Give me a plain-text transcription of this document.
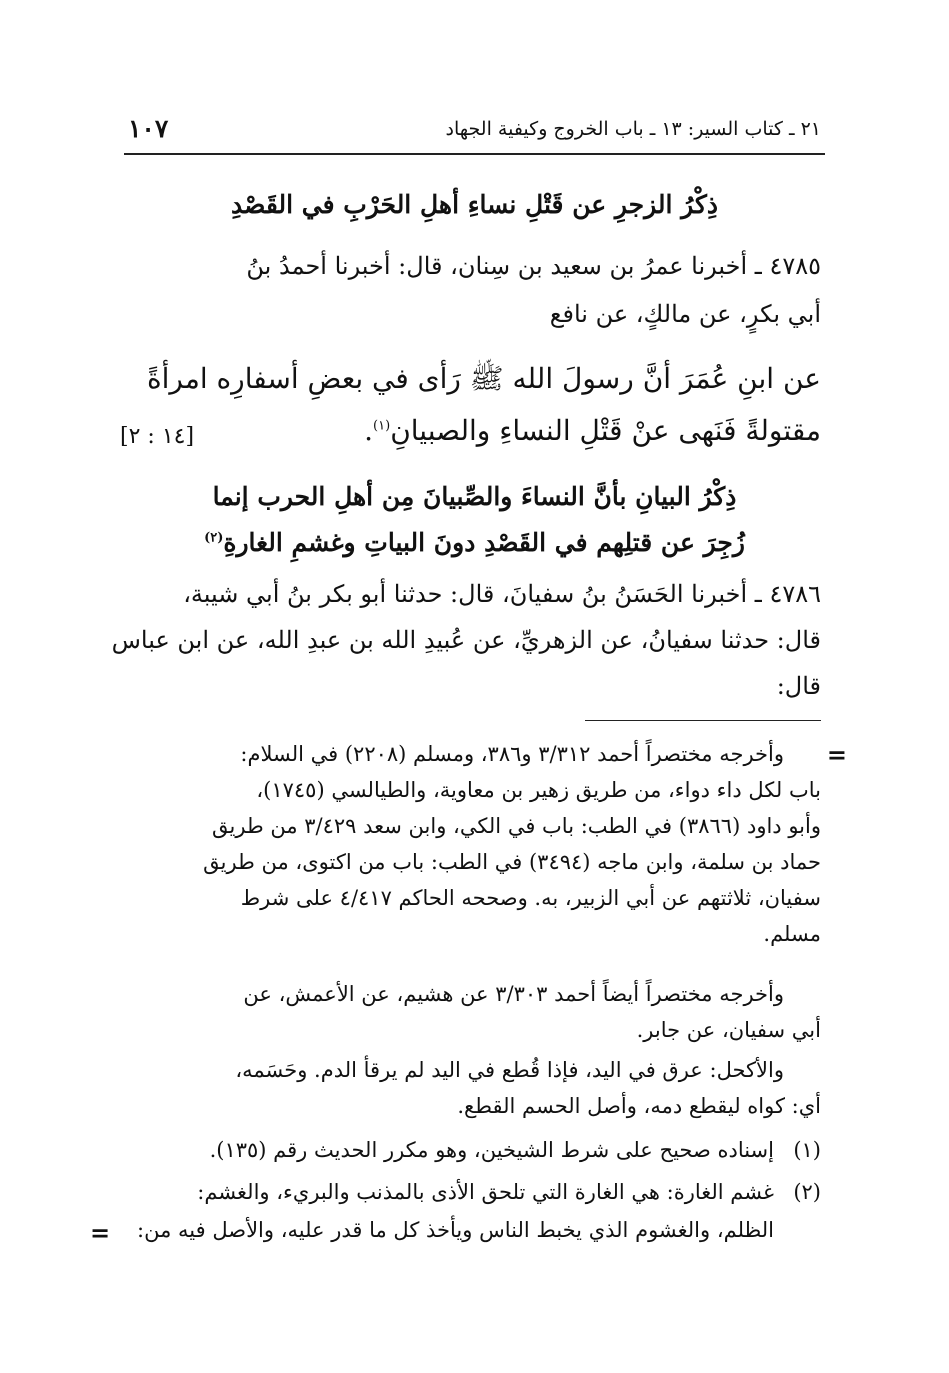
٢١ ـ كتاب السير: ١٣ ـ باب الخروج وكيفية الجهاد
١٠٧
ذِكْرُ الزجرِ عن قَتْلِ نساءِ أهلِ الحَرْبِ في القَصْدِ
٤٧٨٥ ـ أخبرنا عمرُ بن سعيد بن سِنان، قال: أخبرنا أحمدُ بنُ
أبي بكرٍ، عن مالكٍ، عن نافع
عن ابنِ عُمَرَ أنَّ رسولَ الله ﷺ رَأى في بعضِ أسفارِه امرأةً
مقتولةً فَنَهى عنْ قَتْلِ النساءِ والصبيانِ$^{(١)}$.
[١٤ : ٢]
ذِكْرُ البيانِ بأنَّ النساءَ والصِّبيانَ مِن أهلِ الحرب إنما
زُجِرَ عن قتلِهم في القَصْدِ دونَ البياتِ وغشمِ الغارةِ$^{(٢)}$
٤٧٨٦ ـ أخبرنا الحَسَنُ بنُ سفيانَ، قال: حدثنا أبو بكر بنُ أبي شيبة،
قال: حدثنا سفيانُ، عن الزهريِّ، عن عُبيدِ الله بن عبدِ الله، عن ابن عباس
قال:
=
وأخرجه مختصراً أحمد ٣/٣١٢ و٣٨٦، ومسلم (٢٢٠٨) في السلام:
باب لكل داء دواء، من طريق زهير بن معاوية، والطيالسي (١٧٤٥)،
وأبو داود (٣٨٦٦) في الطب: باب في الكي، وابن سعد ٣/٤٢٩ من طريق
حماد بن سلمة، وابن ماجه (٣٤٩٤) في الطب: باب من اكتوى، من طريق
سفيان، ثلاثتهم عن أبي الزبير، به. وصححه الحاكم ٤/٤١٧ على شرط
مسلم.
وأخرجه مختصراً أيضاً أحمد ٣/٣٠٣ عن هشيم، عن الأعمش، عن
أبي سفيان، عن جابر.
والأكحل: عرق في اليد، فإذا قُطع في اليد لم يرقأ الدم. وحَسَمه،
أي: كواه ليقطع دمه، وأصل الحسم القطع.
(١)
إسناده صحيح على شرط الشيخين، وهو مكرر الحديث رقم (١٣٥).
(٢)
غشم الغارة: هي الغارة التي تلحق الأذى بالمذنب والبريء، والغشم:
الظلم، والغشوم الذي يخبط الناس ويأخذ كل ما قدر عليه، والأصل فيه من:
=
